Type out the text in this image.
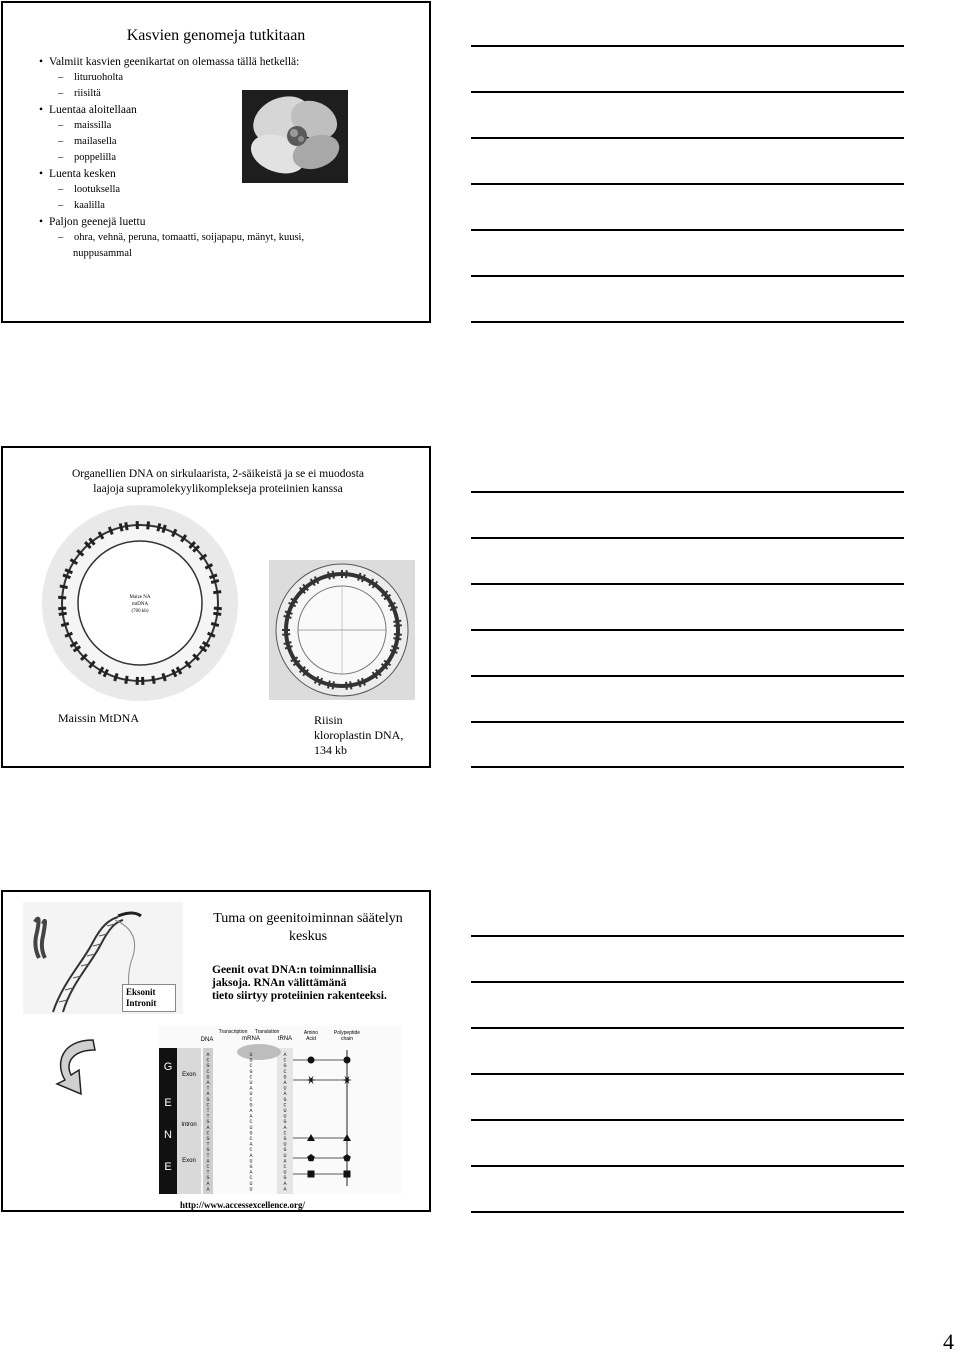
Kasvien genomeja tutkitaan
• Valmiit kasvien geenikartat on olemassa tällä hetkellä:
– lituruoholta
– riisiltä
• Luentaa aloitellaan
– maissilla
– mailasella
– poppelilla
• Luenta kesken
– lootuksella
– kaalilla
• Paljon geenejä luettu
– ohra, vehnä, peruna, tomaatti, soijapapu, mänyt, kuusi,
nuppusammal
Organellien DNA on sirkulaarista, 2-säikeistä ja se ei muodosta
laajoja supramolekyylikomplekseja proteiinien kanssa
Maize NA
mtDNA
(700 kb)
Maissin MtDNA	Riisin
kloroplastin DNA,
134 kb
Eksonit
Intronit
Tuma on geenitoiminnan säätelyn
keskus
Geenit ovat DNA:n toiminnallisia
jaksoja. RNAn välittämänä
tieto siirtyy proteiinien rakenteeksi.
G
E
N
E
Exon
Intron
Exon
DNA
Transcription
mRNA
Translation
tRNA
Amino
Acid
Polypeptide
chain
A
C
G
C
G
A
T
A
G
C
T
T
G
A
C
G
T
G
T
A
C
T
G
A
A
U
G
C
G
C
U
A
U
C
G
A
A
C
U
G
C
A
C
A
U
G
A
C
U
U
A
C
G
C
G
A
U
A
G
C
U
U
G
A
C
G
U
G
U
A
C
U
G
A
A
http://www.accessexcellence.org/
4
